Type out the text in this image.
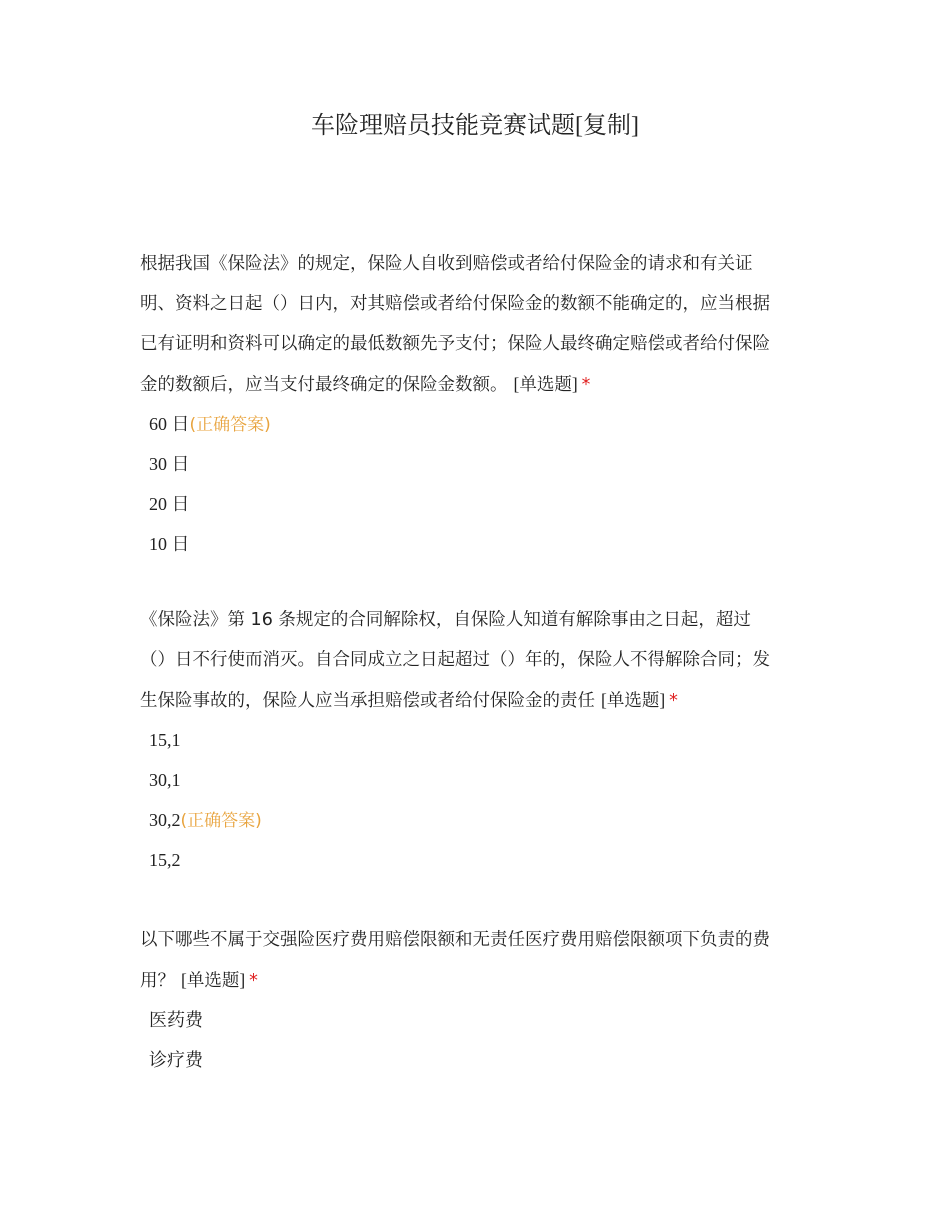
车险理赔员技能竞赛试题[复制]
根据我国《保险法》的规定，保险人自收到赔偿或者给付保险金的请求和有关证
明、资料之日起（）日内，对其赔偿或者给付保险金的数额不能确定的，应当根据
已有证明和资料可以确定的最低数额先予支付；保险人最终确定赔偿或者给付保险
金的数额后，应当支付最终确定的保险金数额。 [单选题] *
60 日(正确答案)
30 日
20 日
10 日
《保险法》第 16 条规定的合同解除权，自保险人知道有解除事由之日起，超过
（）日不行使而消灭。自合同成立之日起超过（）年的，保险人不得解除合同；发
生保险事故的，保险人应当承担赔偿或者给付保险金的责任 [单选题] *
15,1
30,1
30,2(正确答案)
15,2
以下哪些不属于交强险医疗费用赔偿限额和无责任医疗费用赔偿限额项下负责的费
用？ [单选题] *
医药费
诊疗费
